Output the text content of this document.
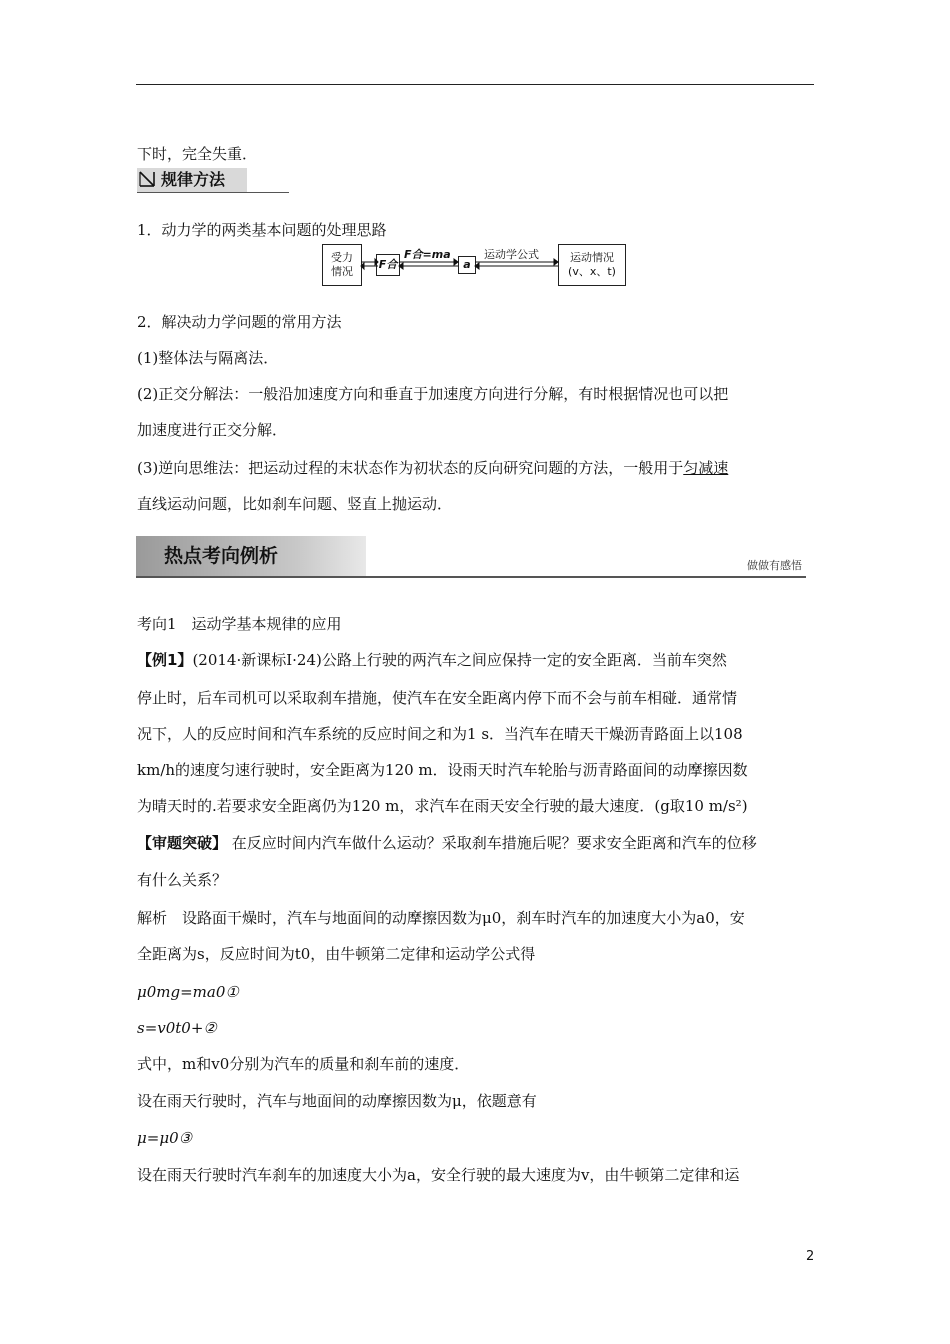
下时，完全失重．
规律方法
1．动力学的两类基本问题的处理思路
受力
情况
F合	a
运动情况
(v、x、t)
F合=ma	运动学公式
2．解决动力学问题的常用方法
(1)整体法与隔离法．
(2)正交分解法：一般沿加速度方向和垂直于加速度方向进行分解，有时根据情况也可以把
加速度进行正交分解．
(3)逆向思维法：把运动过程的末状态作为初状态的反向研究问题的方法，一般用于匀减速
直线运动问题，比如刹车问题、竖直上抛运动．
热点考向例析	做做有感悟
考向1　运动学基本规律的应用
【例1】(2014·新课标Ⅰ·24)公路上行驶的两汽车之间应保持一定的安全距离．当前车突然
停止时，后车司机可以采取刹车措施，使汽车在安全距离内停下而不会与前车相碰．通常情
况下，人的反应时间和汽车系统的反应时间之和为1 s．当汽车在晴天干燥沥青路面上以108
km/h的速度匀速行驶时，安全距离为120 m．设雨天时汽车轮胎与沥青路面间的动摩擦因数
为晴天时的.若要求安全距离仍为120 m，求汽车在雨天安全行驶的最大速度．(g取10 m/s²)
【审题突破】 在反应时间内汽车做什么运动？采取刹车措施后呢？要求安全距离和汽车的位移
有什么关系？
解析　设路面干燥时，汽车与地面间的动摩擦因数为μ0，刹车时汽车的加速度大小为a0，安
全距离为s，反应时间为t0，由牛顿第二定律和运动学公式得
μ0mg=ma0①
s=v0t0+②
式中，m和v0分别为汽车的质量和刹车前的速度．
设在雨天行驶时，汽车与地面间的动摩擦因数为μ，依题意有
μ=μ0③
设在雨天行驶时汽车刹车的加速度大小为a，安全行驶的最大速度为v，由牛顿第二定律和运
2
